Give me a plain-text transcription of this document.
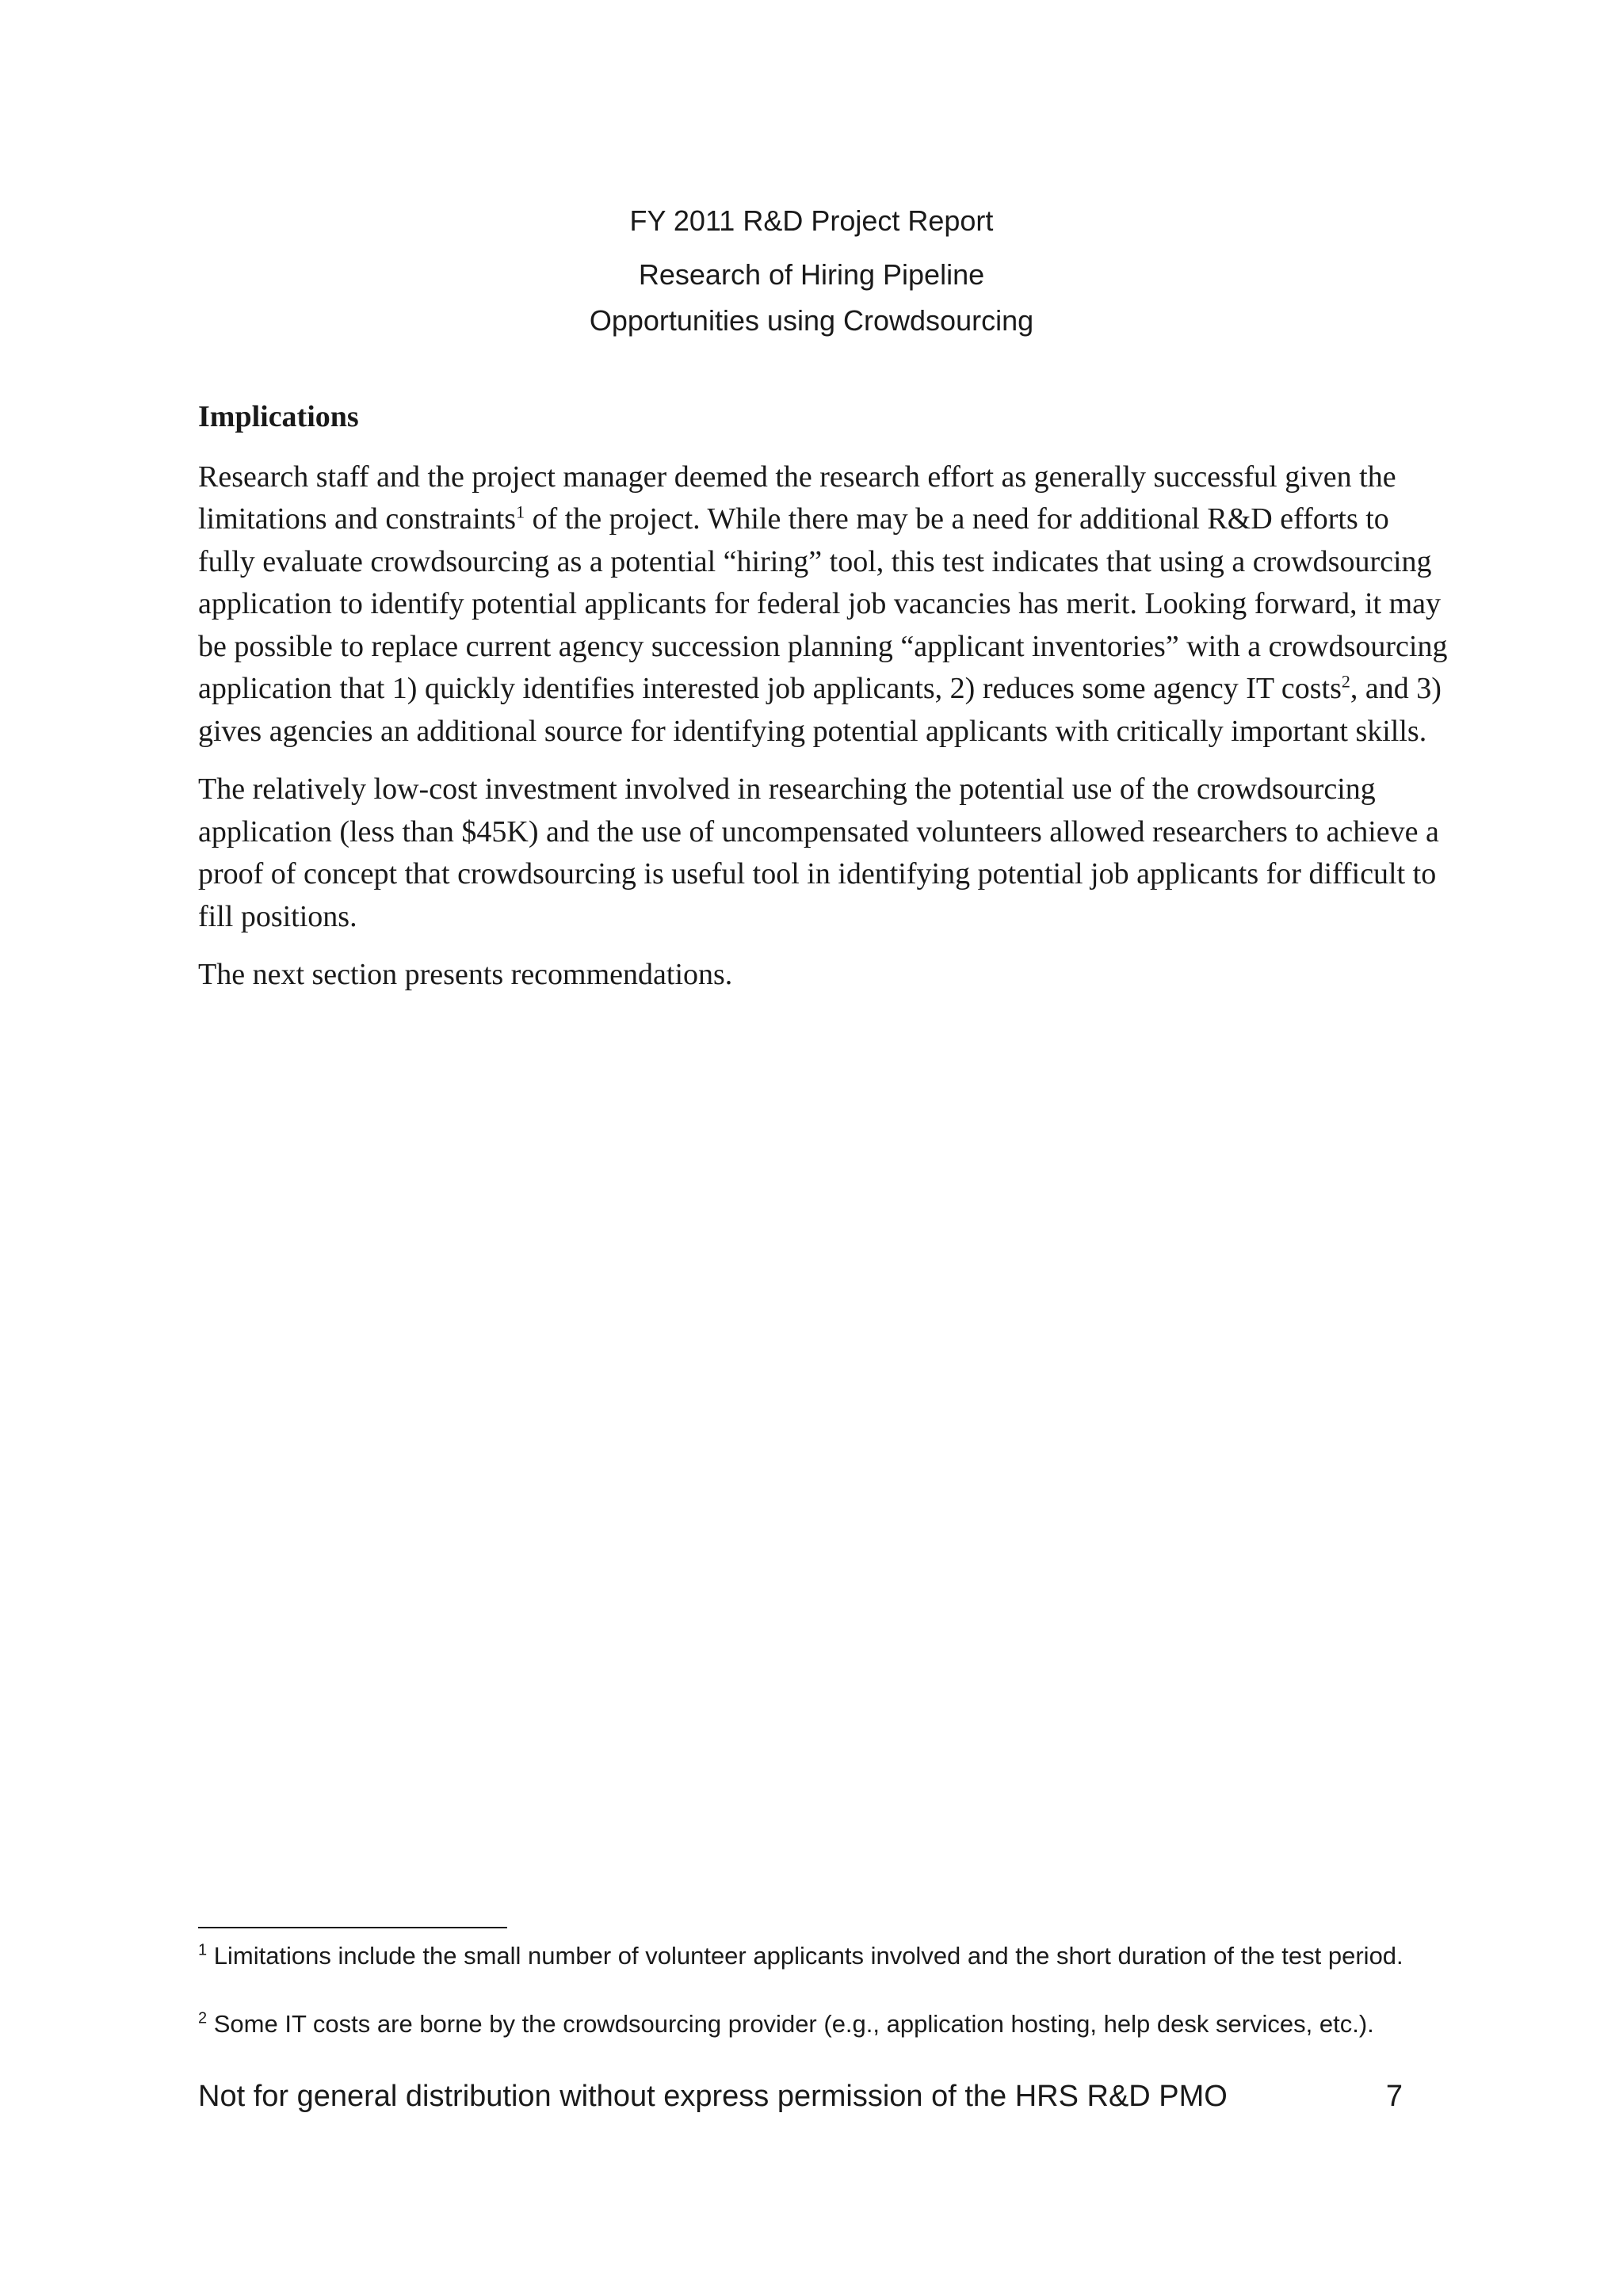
FY 2011 R&D Project Report
Research of Hiring Pipeline
Opportunities using Crowdsourcing

Implications

Research staff and the project manager deemed the research effort as generally successful given the limitations and constraints$^1$ of the project. While there may be a need for additional R&D efforts to fully evaluate crowdsourcing as a potential “hiring” tool, this test indicates that using a crowdsourcing application to identify potential applicants for federal job vacancies has merit. Looking forward, it may be possible to replace current agency succession planning “applicant inventories” with a crowdsourcing application that 1) quickly identifies interested job applicants, 2) reduces some agency IT costs$^2$, and 3) gives agencies an additional source for identifying potential applicants with critically important skills.

The relatively low-cost investment involved in researching the potential use of the crowdsourcing application (less than $45K) and the use of uncompensated volunteers allowed researchers to achieve a proof of concept that crowdsourcing is useful tool in identifying potential job applicants for difficult to fill positions.

The next section presents recommendations.

$^1$ Limitations include the small number of volunteer applicants involved and the short duration of the test period.
$^2$ Some IT costs are borne by the crowdsourcing provider (e.g., application hosting, help desk services, etc.).
Not for general distribution without express permission of the HRS R&D PMO	7
